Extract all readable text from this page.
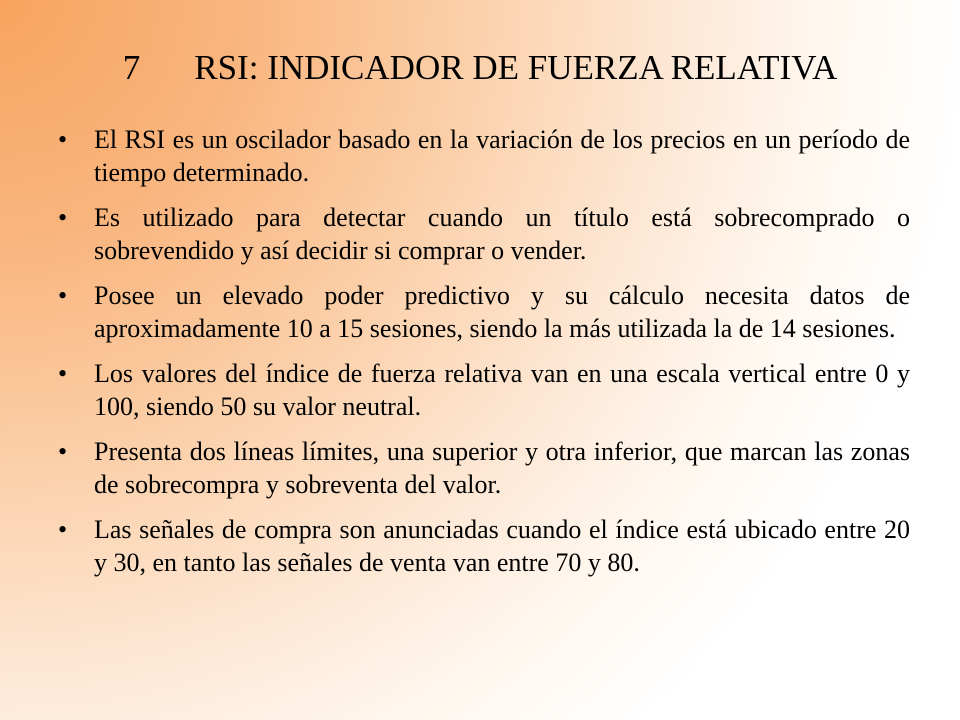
7 RSI: INDICADOR DE FUERZA RELATIVA
• El RSI es un oscilador basado en la variación de los precios en un período de tiempo determinado.
• Es utilizado para detectar cuando un título está sobrecomprado o sobrevendido y así decidir si comprar o vender.
• Posee un elevado poder predictivo y su cálculo necesita datos de aproximadamente 10 a 15 sesiones, siendo la más utilizada la de 14 sesiones.
• Los valores del índice de fuerza relativa van en una escala vertical entre 0 y 100, siendo 50 su valor neutral.
• Presenta dos líneas límites, una superior y otra inferior, que marcan las zonas de sobrecompra y sobreventa del valor.
• Las señales de compra son anunciadas cuando el índice está ubicado entre 20 y 30, en tanto las señales de venta van entre 70 y 80.
